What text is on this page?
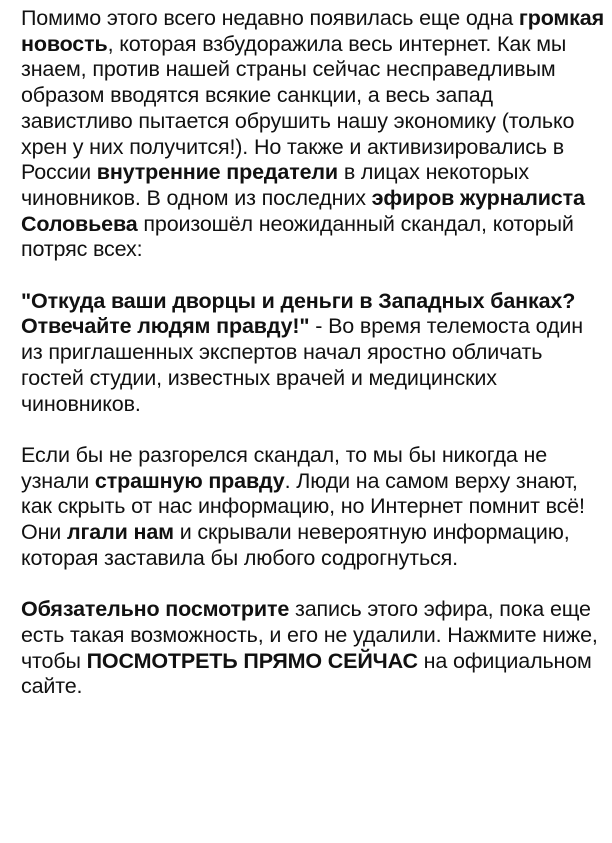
Помимо этого всего недавно появилась еще одна громкая новость, которая взбудоражила весь интернет. Как мы знаем, против нашей страны сейчас несправедливым образом вводятся всякие санкции, а весь запад завистливо пытается обрушить нашу экономику (только хрен у них получится!). Но также и активизировались в России внутренние предатели в лицах некоторых чиновников. В одном из последних эфиров журналиста Соловьева произошёл неожиданный скандал, который потряс всех:

"Откуда ваши дворцы и деньги в Западных банках? Отвечайте людям правду!" - Во время телемоста один из приглашенных экспертов начал яростно обличать гостей студии, известных врачей и медицинских чиновников.

Если бы не разгорелся скандал, то мы бы никогда не узнали страшную правду. Люди на самом верху знают, как скрыть от нас информацию, но Интернет помнит всё! Они лгали нам и скрывали невероятную информацию, которая заставила бы любого содрогнуться.

Обязательно посмотрите запись этого эфира, пока еще есть такая возможность, и его не удалили. Нажмите ниже, чтобы ПОСМОТРЕТЬ ПРЯМО СЕЙЧАС на официальном сайте.
